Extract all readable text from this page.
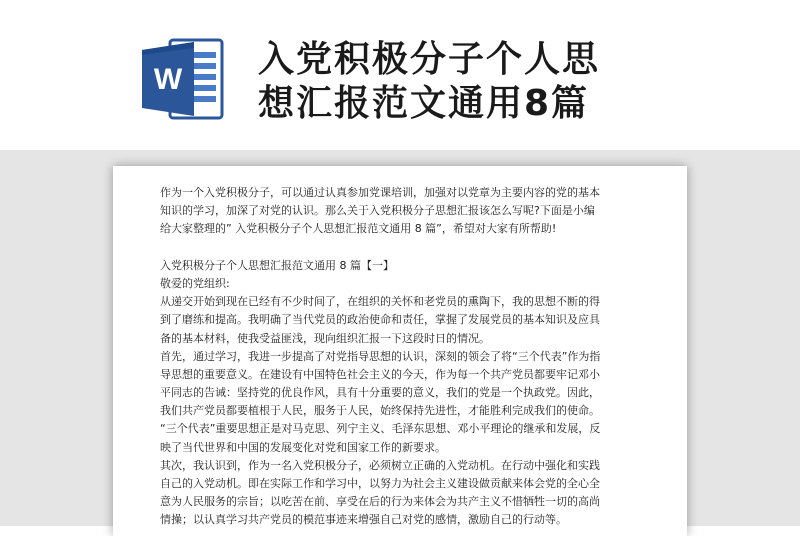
W 入党积极分子个人思
想汇报范文通用8篇
作为一个入党积极分子，可以通过认真参加党课培训，加强对以党章为主要内容的党的基本
知识的学习，加深了对党的认识。那么关于入党积极分子思想汇报该怎么写呢?下面是小编
给大家整理的” 入党积极分子个人思想汇报范文通用 8 篇”，希望对大家有所帮助!
入党积极分子个人思想汇报范文通用 8 篇【一】
敬爱的党组织:
从递交开始到现在已经有不少时间了，在组织的关怀和老党员的熏陶下，我的思想不断的得
到了磨练和提高。我明确了当代党员的政治使命和责任，掌握了发展党员的基本知识及应具
备的基本材料，使我受益匪浅，现向组织汇报一下这段时日的情况。
首先，通过学习，我进一步提高了对党指导思想的认识，深刻的领会了将“三个代表”作为指
导思想的重要意义。在建设有中国特色社会主义的今天，作为每一个共产党员都要牢记邓小
平同志的告诫：坚持党的优良作风，具有十分重要的意义，我们的党是一个执政党。因此，
我们共产党员都要植根于人民，服务于人民，始终保持先进性，才能胜利完成我们的使命。
“三个代表”重要思想正是对马克思、列宁主义、毛泽东思想、邓小平理论的继承和发展，反
映了当代世界和中国的发展变化对党和国家工作的新要求。
其次，我认识到，作为一名入党积极分子，必须树立正确的入党动机。在行动中强化和实践
自己的入党动机。即在实际工作和学习中，以努力为社会主义建设做贡献来体会党的全心全
意为人民服务的宗旨；以吃苦在前、享受在后的行为来体会为共产主义不惜牺牲一切的高尚
情操；以认真学习共产党员的模范事迹来增强自己对党的感情，激励自己的行动等。
